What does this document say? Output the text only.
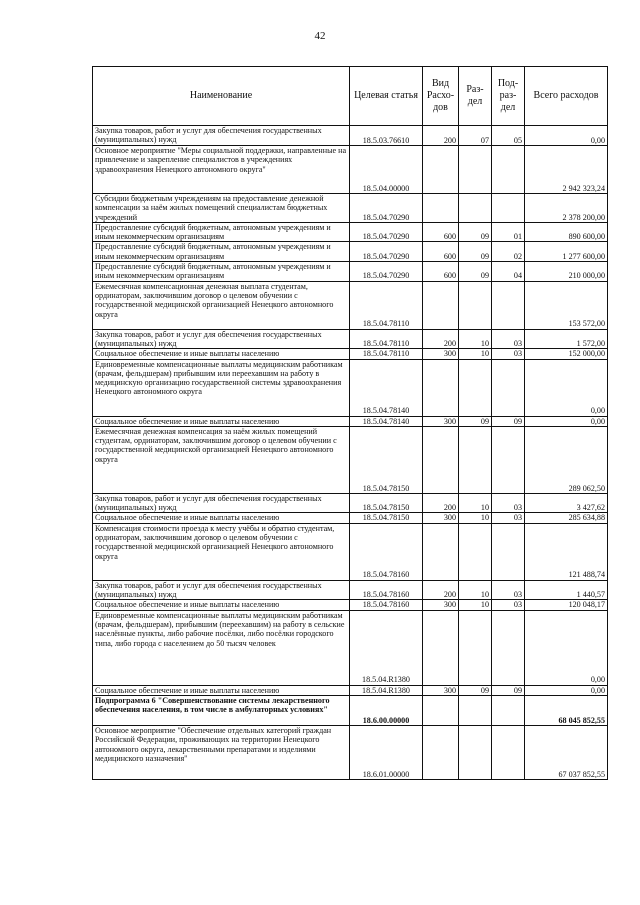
42
Наименование	Целевая статья	Вид Расхо- дов	Раз- дел	Под- раз- дел	Всего расходов
Закупка товаров, работ и услуг для обеспечения государственных (муниципальных) нужд	18.5.03.76610	200	07	05	0,00
Основное мероприятие "Меры социальной поддержки, направленные на привлечение и закрепление специалистов в учреждениях здравоохранения Ненецкого автономного округа"	18.5.04.00000				2 942 323,24
Субсидии бюджетным учреждениям на предоставление денежной компенсации за наём жилых помещений специалистам бюджетных учреждений	18.5.04.70290				2 378 200,00
Предоставление субсидий бюджетным, автономным учреждениям и иным некоммерческим организациям	18.5.04.70290	600	09	01	890 600,00
Предоставление субсидий бюджетным, автономным учреждениям и иным некоммерческим организациям	18.5.04.70290	600	09	02	1 277 600,00
Предоставление субсидий бюджетным, автономным учреждениям и иным некоммерческим организациям	18.5.04.70290	600	09	04	210 000,00
Ежемесячная компенсационная денежная выплата студентам, ординаторам, заключившим договор о целевом обучении с государственной медицинской организацией Ненецкого автономного округа	18.5.04.78110				153 572,00
Закупка товаров, работ и услуг для обеспечения государственных (муниципальных) нужд	18.5.04.78110	200	10	03	1 572,00
Социальное обеспечение и иные выплаты населению	18.5.04.78110	300	10	03	152 000,00
Единовременные компенсационные выплаты медицинским работникам (врачам, фельдшерам) прибывшим или переехавшим на работу в медицинскую организацию государственной системы здравоохранения Ненецкого автономного округа	18.5.04.78140				0,00
Социальное обеспечение и иные выплаты населению	18.5.04.78140	300	09	09	0,00
Ежемесячная денежная компенсация за наём жилых помещений студентам, ординаторам, заключившим договор о целевом обучении с государственной медицинской организацией Ненецкого автономного округа	18.5.04.78150				289 062,50
Закупка товаров, работ и услуг для обеспечения государственных (муниципальных) нужд	18.5.04.78150	200	10	03	3 427,62
Социальное обеспечение и иные выплаты населению	18.5.04.78150	300	10	03	285 634,88
Компенсация стоимости проезда к месту учёбы и обратно студентам, ординаторам, заключившим договор о целевом обучении с государственной медицинской организацией Ненецкого автономного округа	18.5.04.78160				121 488,74
Закупка товаров, работ и услуг для обеспечения государственных (муниципальных) нужд	18.5.04.78160	200	10	03	1 440,57
Социальное обеспечение и иные выплаты населению	18.5.04.78160	300	10	03	120 048,17
Единовременные компенсационные выплаты медицинским работникам (врачам, фельдшерам), прибывшим (переехавшим) на работу в сельские населённые пункты, либо рабочие посёлки, либо посёлки городского типа, либо города с населением до 50 тысяч человек	18.5.04.R1380				0,00
Социальное обеспечение и иные выплаты населению	18.5.04.R1380	300	09	09	0,00
Подпрограмма 6 "Совершенствование системы лекарственного обеспечения населения, в том числе в амбулаторных условиях"	18.6.00.00000				68 045 852,55
Основное мероприятие "Обеспечение отдельных категорий граждан Российской Федерации, проживающих на территории Ненецкого автономного округа, лекарственными препаратами и изделиями медицинского назначения"	18.6.01.00000				67 037 852,55
